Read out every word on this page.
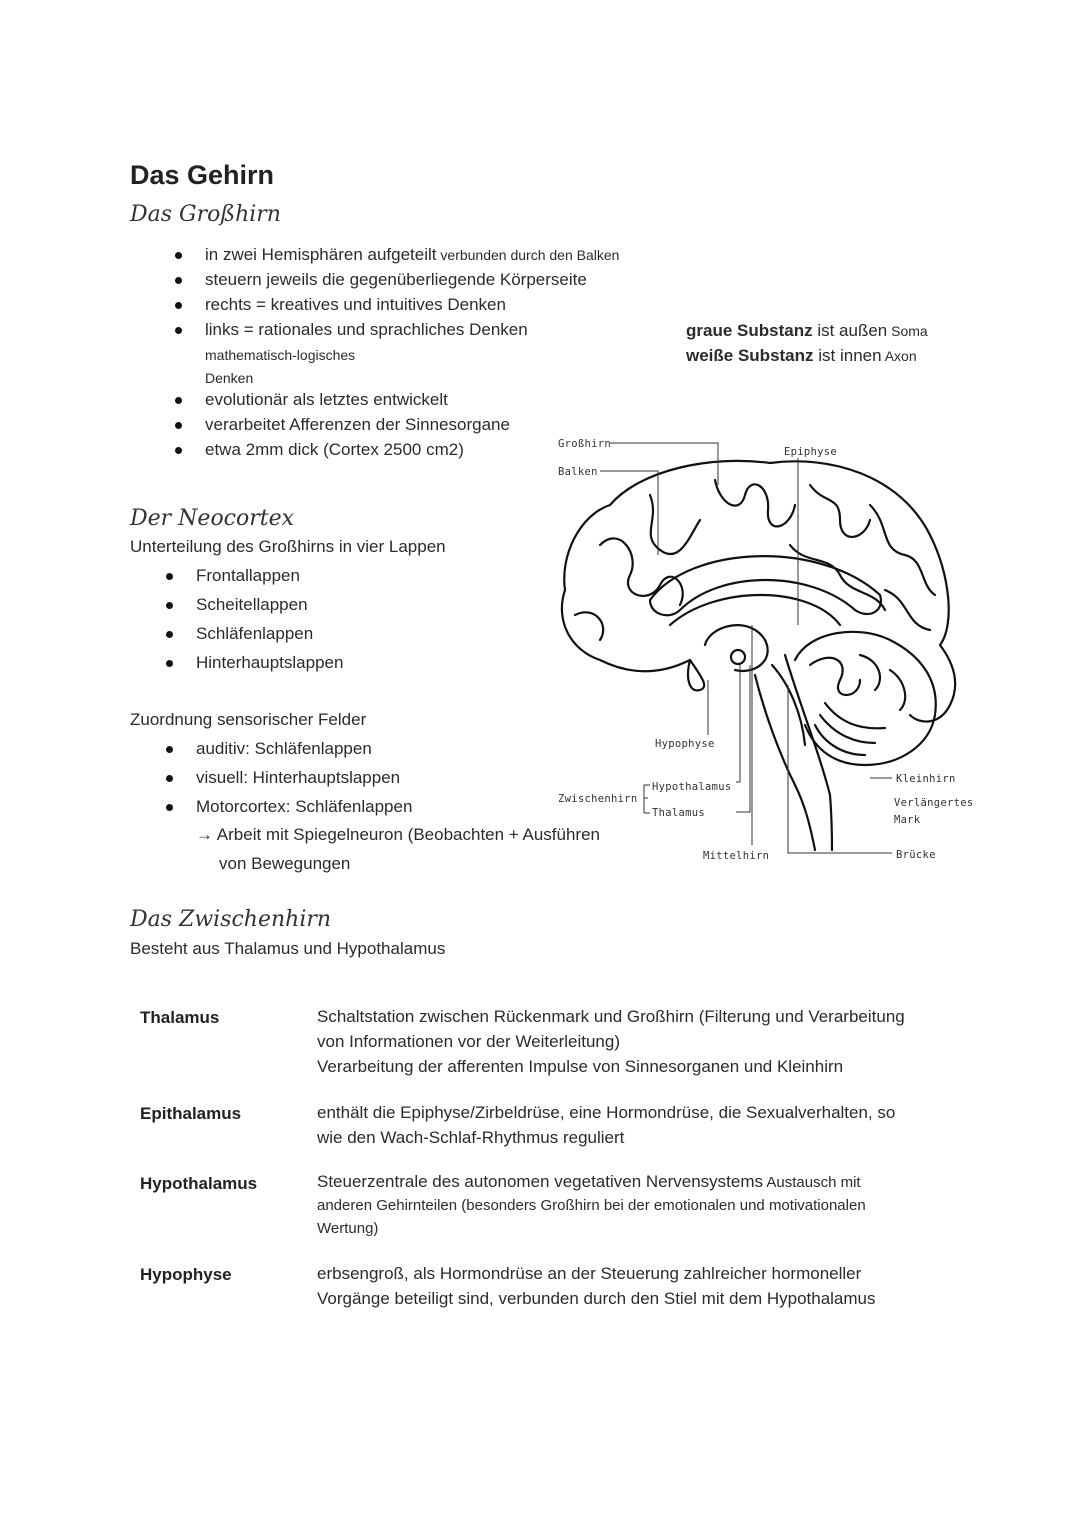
Das Gehirn
Das Großhirn
in zwei Hemisphären aufgeteilt verbunden durch den Balken
steuern jeweils die gegenüberliegende Körperseite
rechts = kreatives und intuitives Denken
links = rationales und sprachliches Denken
mathematisch-logisches
Denken
evolutionär als letztes entwickelt
verarbeitet Afferenzen der Sinnesorgane
etwa 2mm dick (Cortex 2500 cm2)
graue Substanz ist außen Soma
weiße Substanz ist innen Axon
Der Neocortex
Unterteilung des Großhirns in vier Lappen
Frontallappen
Scheitellappen
Schläfenlappen
Hinterhauptslappen
Zuordnung sensorischer Felder
auditiv: Schläfenlappen
visuell: Hinterhauptslappen
Motorcortex: Schläfenlappen
→ Arbeit mit Spiegelneuron (Beobachten + Ausführen
von Bewegungen
Großhirn
Balken
Epiphyse
Hypophyse
Zwischenhirn
Hypothalamus
Thalamus
Mittelhirn
Kleinhirn
Verlängertes
Mark
Brücke
Das Zwischenhirn
Besteht aus Thalamus und Hypothalamus
Thalamus	Schaltstation zwischen Rückenmark und Großhirn (Filterung und Verarbeitung
von Informationen vor der Weiterleitung)
Verarbeitung der afferenten Impulse von Sinnesorganen und Kleinhirn
Epithalamus	enthält die Epiphyse/Zirbeldrüse, eine Hormondrüse, die Sexualverhalten, so
wie den Wach-Schlaf-Rhythmus reguliert
Hypothalamus	Steuerzentrale des autonomen vegetativen Nervensystems Austausch mit
anderen Gehirnteilen (besonders Großhirn bei der emotionalen und motivationalen
Wertung)
Hypophyse	erbsengroß, als Hormondrüse an der Steuerung zahlreicher hormoneller
Vorgänge beteiligt sind, verbunden durch den Stiel mit dem Hypothalamus
